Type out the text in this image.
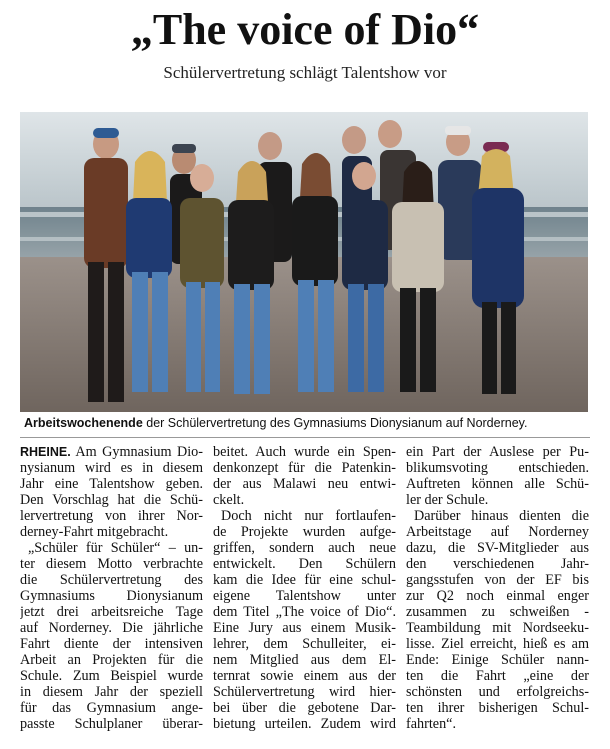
„The voice of Dio“
Schülervertretung schlägt Talentshow vor
Arbeitswochenende der Schülervertretung des Gymnasiums Dionysianum auf Norderney.
RHEINE. Am Gymnasium Dio-
nysianum wird es in diesem
Jahr eine Talentshow geben.
Den Vorschlag hat die Schü-
lervertretung von ihrer Nor-
derney-Fahrt mitgebracht.
„Schüler für Schüler“ – un-
ter diesem Motto verbrachte
die Schülervertretung des
Gymnasiums Dionysianum
jetzt drei arbeitsreiche Tage
auf Norderney. Die jährliche
Fahrt diente der intensiven
Arbeit an Projekten für die
Schule. Zum Beispiel wurde
in diesem Jahr der speziell
für das Gymnasium ange-
passte Schulplaner überar-
beitet. Auch wurde ein Spen-
denkonzept für die Patenkin-
der aus Malawi neu entwi-
ckelt.
Doch nicht nur fortlaufen-
de Projekte wurden aufge-
griffen, sondern auch neue
entwickelt. Den Schülern
kam die Idee für eine schul-
eigene Talentshow unter
dem Titel „The voice of Dio“.
Eine Jury aus einem Musik-
lehrer, dem Schulleiter, ei-
nem Mitglied aus dem El-
ternrat sowie einem aus der
Schülervertretung wird hier-
bei über die gebotene Dar-
bietung urteilen. Zudem wird
ein Part der Auslese per Pu-
blikumsvoting entschieden.
Auftreten können alle Schü-
ler der Schule.
Darüber hinaus dienten die
Arbeitstage auf Norderney
dazu, die SV-Mitglieder aus
den verschiedenen Jahr-
gangsstufen von der EF bis
zur Q2 noch einmal enger
zusammen zu schweißen -
Teambildung mit Nordseeku-
lisse. Ziel erreicht, hieß es am
Ende: Einige Schüler nann-
ten die Fahrt „eine der
schönsten und erfolgreichs-
ten ihrer bisherigen Schul-
fahrten“.
